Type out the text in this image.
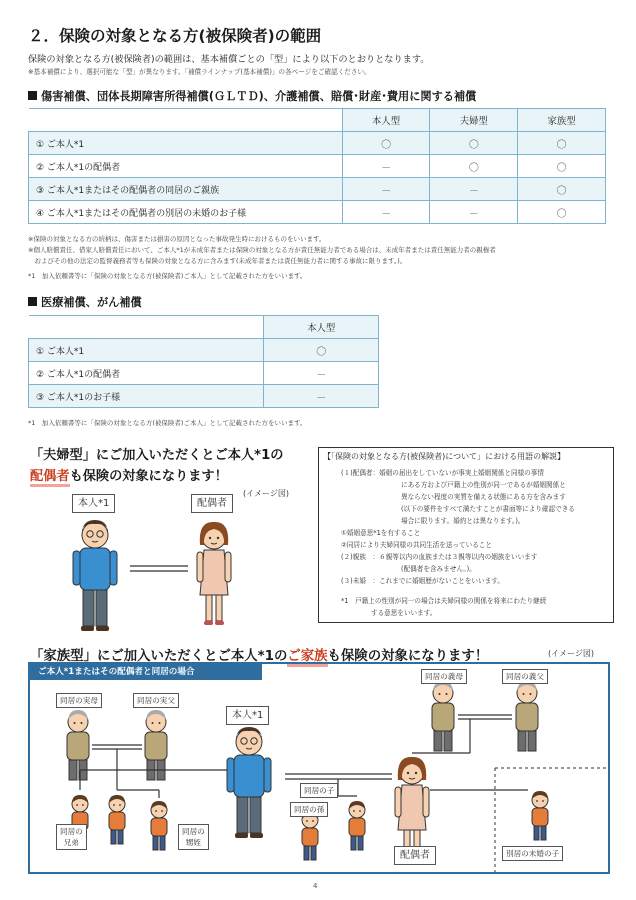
２．保険の対象となる方(被保険者)の範囲
保険の対象となる方(被保険者)の範囲は、基本補償ごとの「型」により以下のとおりとなります。
※基本補償により、選択可能な「型」が異なります。「補償ラインナップ(基本補償)」の各ページをご確認ください。
傷害補償、団体長期障害所得補償(ＧＬＴＤ)、介護補償、賠償･財産･費用に関する補償
	本人型	夫婦型	家族型
① ご本人*1	〇	〇	〇
② ご本人*1の配偶者	－	〇	〇
③ ご本人*1またはその配偶者の同居のご親族	－	－	〇
④ ご本人*1またはその配偶者の別居の未婚のお子様	－	－	〇
※保険の対象となる方の続柄は、傷害または損害の原因となった事故発生時におけるものをいいます。
※個人賠償責任、借家人賠償責任において、ご本人*1が未成年者または保険の対象となる方が責任無能力者である場合は、未成年者または責任無能力者の親権者
　およびその他の法定の監督義務者等も保険の対象となる方に含みます(未成年者または責任無能力者に関する事故に限ります。)。
*1　加入依頼書等に「保険の対象となる方(被保険者)ご本人」として記載された方をいいます。
医療補償、がん補償
	本人型
① ご本人*1	〇
② ご本人*1の配偶者	－
③ ご本人*1のお子様	－
*1　加入依頼書等に「保険の対象となる方(被保険者)ご本人」として記載された方をいいます。
「夫婦型」にご加入いただくとご本人*1の
配偶者も保険の対象になります！
(イメージ図)
本人*1	配偶者
【「保険の対象となる方(被保険者)について」における用語の解説】
(１)配偶者：婚姻の届出をしていないが事実上婚姻関係と同様の事情
にある方および戸籍上の性別が同一であるが婚姻関係と
異ならない程度の実質を備える状態にある方を含みます
(以下の要件をすべて満たすことが書面等により確認できる
場合に限ります。婚約とは異なります。)。
①婚姻意思*1を有すること
②同居により夫婦同様の共同生活を送っていること
(２)親族　：６親等以内の血族または３親等以内の姻族をいいます
(配偶者を含みません。)。
(３)未婚　：これまでに婚姻歴がないことをいいます。
*1　戸籍上の性別が同一の場合は夫婦同様の関係を将来にわたり継続
する意思をいいます。
「家族型」にご加入いただくとご本人*1のご家族も保険の対象になります！	(イメージ図)
ご本人*1またはその配偶者と同居の場合
同居の実母	同居の実父
本人*1
同居の義母	同居の義父
同居の子
同居の孫
同居の
兄弟
同居の
甥姪
配偶者	別居の未婚の子
4
